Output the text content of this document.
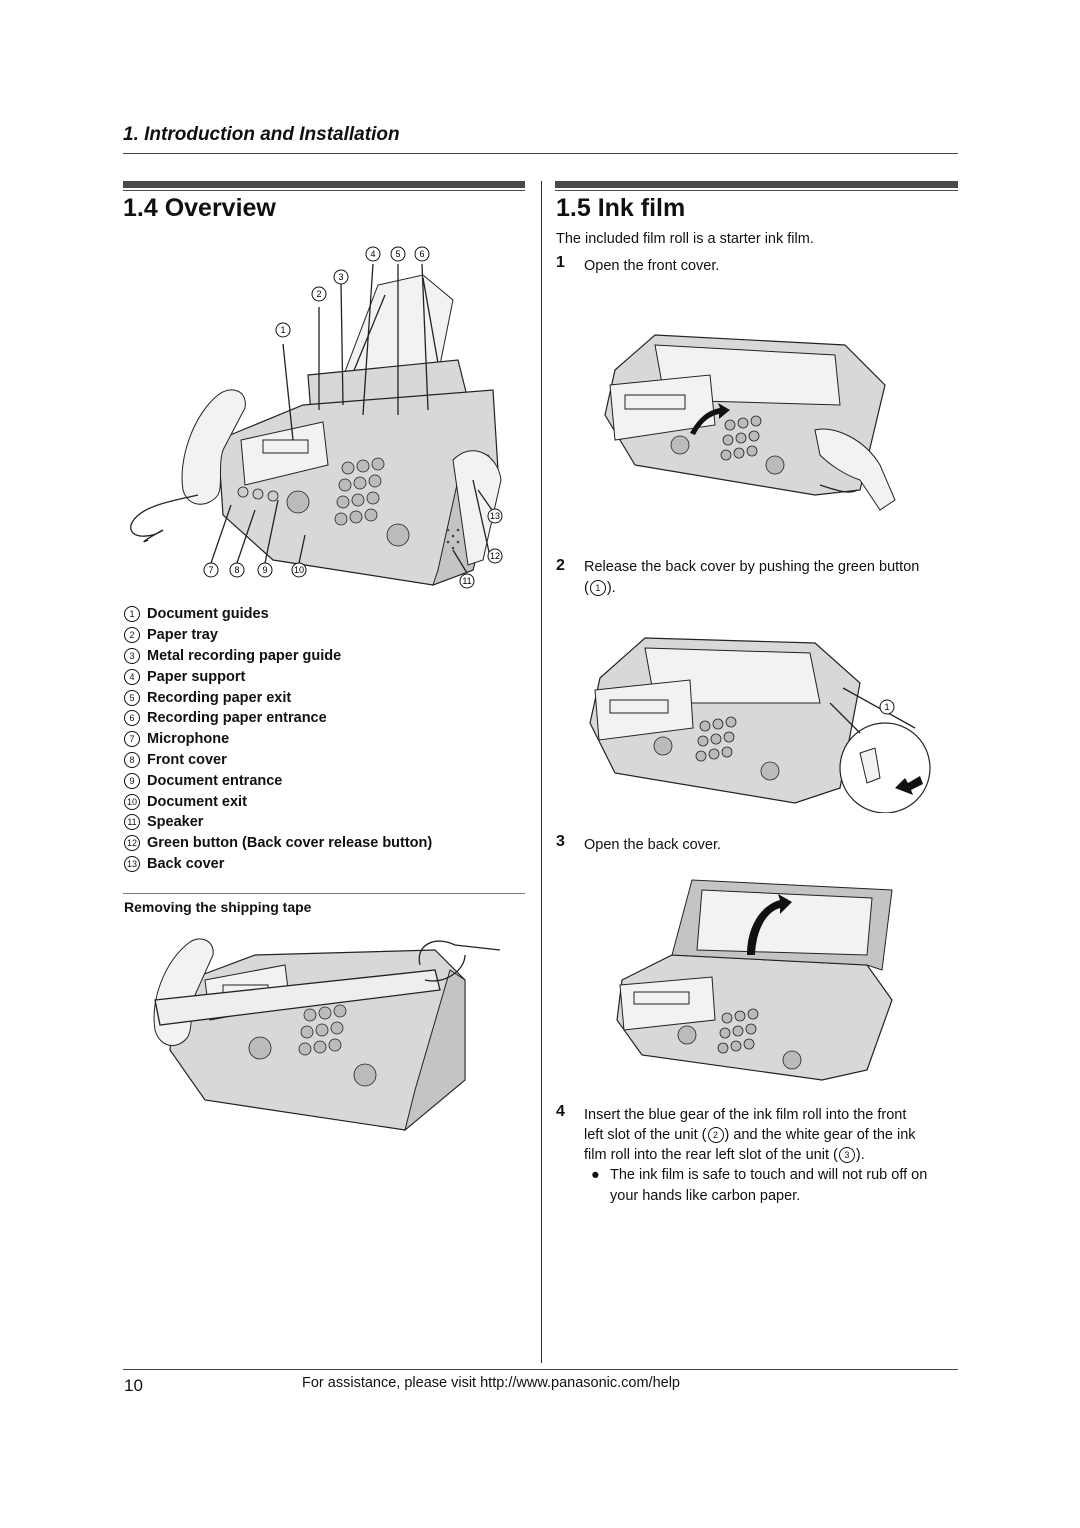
1. Introduction and Installation
1.4 Overview	1.5 Ink film
1
2
3
4 5 6
7 8	9	10
11
12
13
1 Document guides
2 Paper tray
3 Metal recording paper guide
4 Paper support
5 Recording paper exit
6 Recording paper entrance
7 Microphone
8 Front cover
9 Document entrance
10 Document exit
11 Speaker
12 Green button (Back cover release button)
13 Back cover
Removing the shipping tape
The included film roll is a starter ink film.
1 Open the front cover.
2 Release the back cover by pushing the green button
( 1 ).
1
3 Open the back cover.
4 Insert the blue gear of the ink film roll into the front
left slot of the unit ( 2 ) and the white gear of the ink
film roll into the rear left slot of the unit ( 3 ).
● The ink film is safe to touch and will not rub off on your hands like carbon paper.
10	For assistance, please visit http://www.panasonic.com/help
